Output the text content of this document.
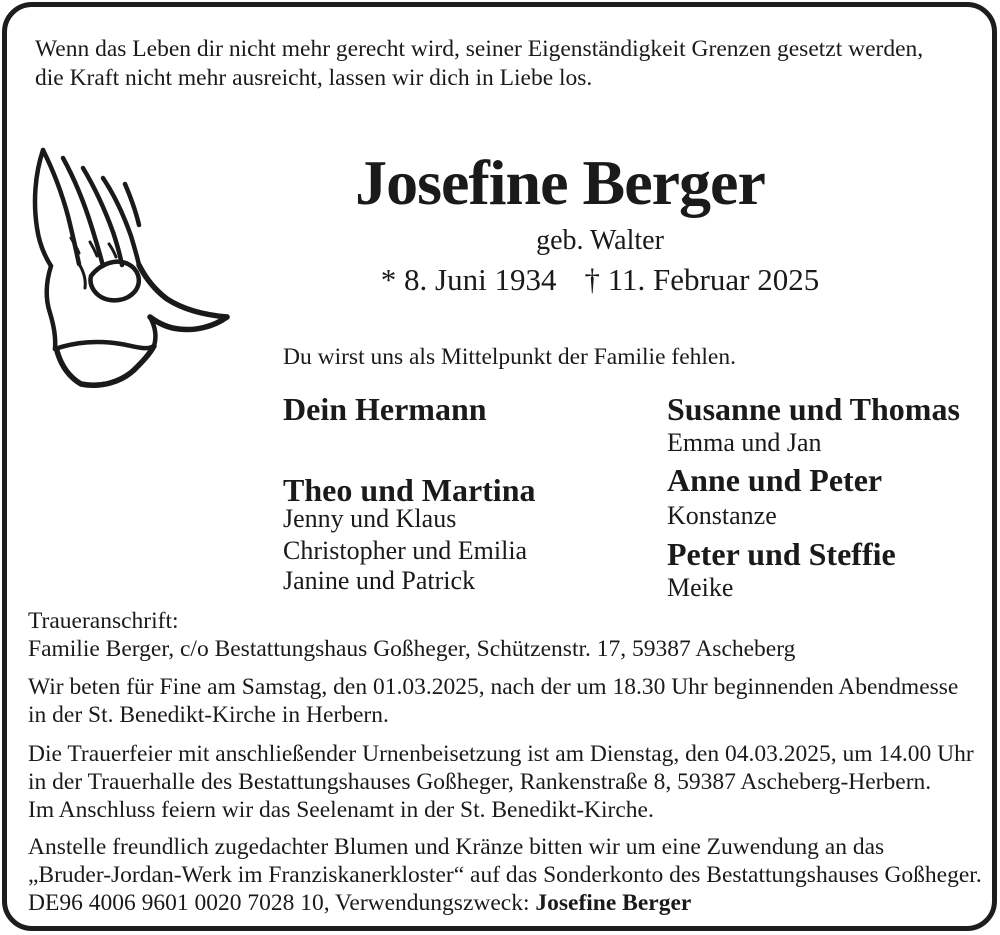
Wenn das Leben dir nicht mehr gerecht wird, seiner Eigenständigkeit Grenzen gesetzt werden,
die Kraft nicht mehr ausreicht, lassen wir dich in Liebe los.
Josefine Berger
geb. Walter
* 8. Juni 1934 † 11. Februar 2025
Du wirst uns als Mittelpunkt der Familie fehlen.
Dein Hermann
Theo und Martina
Jenny und Klaus
Christopher und Emilia
Janine und Patrick
Susanne und Thomas
Emma und Jan
Anne und Peter
Konstanze
Peter und Steffie
Meike
Traueranschrift:
Familie Berger, c/o Bestattungshaus Goßheger, Schützenstr. 17, 59387 Ascheberg
Wir beten für Fine am Samstag, den 01.03.2025, nach der um 18.30 Uhr beginnenden Abendmesse
in der St. Benedikt-Kirche in Herbern.
Die Trauerfeier mit anschließender Urnenbeisetzung ist am Dienstag, den 04.03.2025, um 14.00 Uhr
in der Trauerhalle des Bestattungshauses Goßheger, Rankenstraße 8, 59387 Ascheberg-Herbern.
Im Anschluss feiern wir das Seelenamt in der St. Benedikt-Kirche.
Anstelle freundlich zugedachter Blumen und Kränze bitten wir um eine Zuwendung an das
„Bruder-Jordan-Werk im Franziskanerkloster“ auf das Sonderkonto des Bestattungshauses Goßheger.
DE96 4006 9601 0020 7028 10, Verwendungszweck: Josefine Berger
